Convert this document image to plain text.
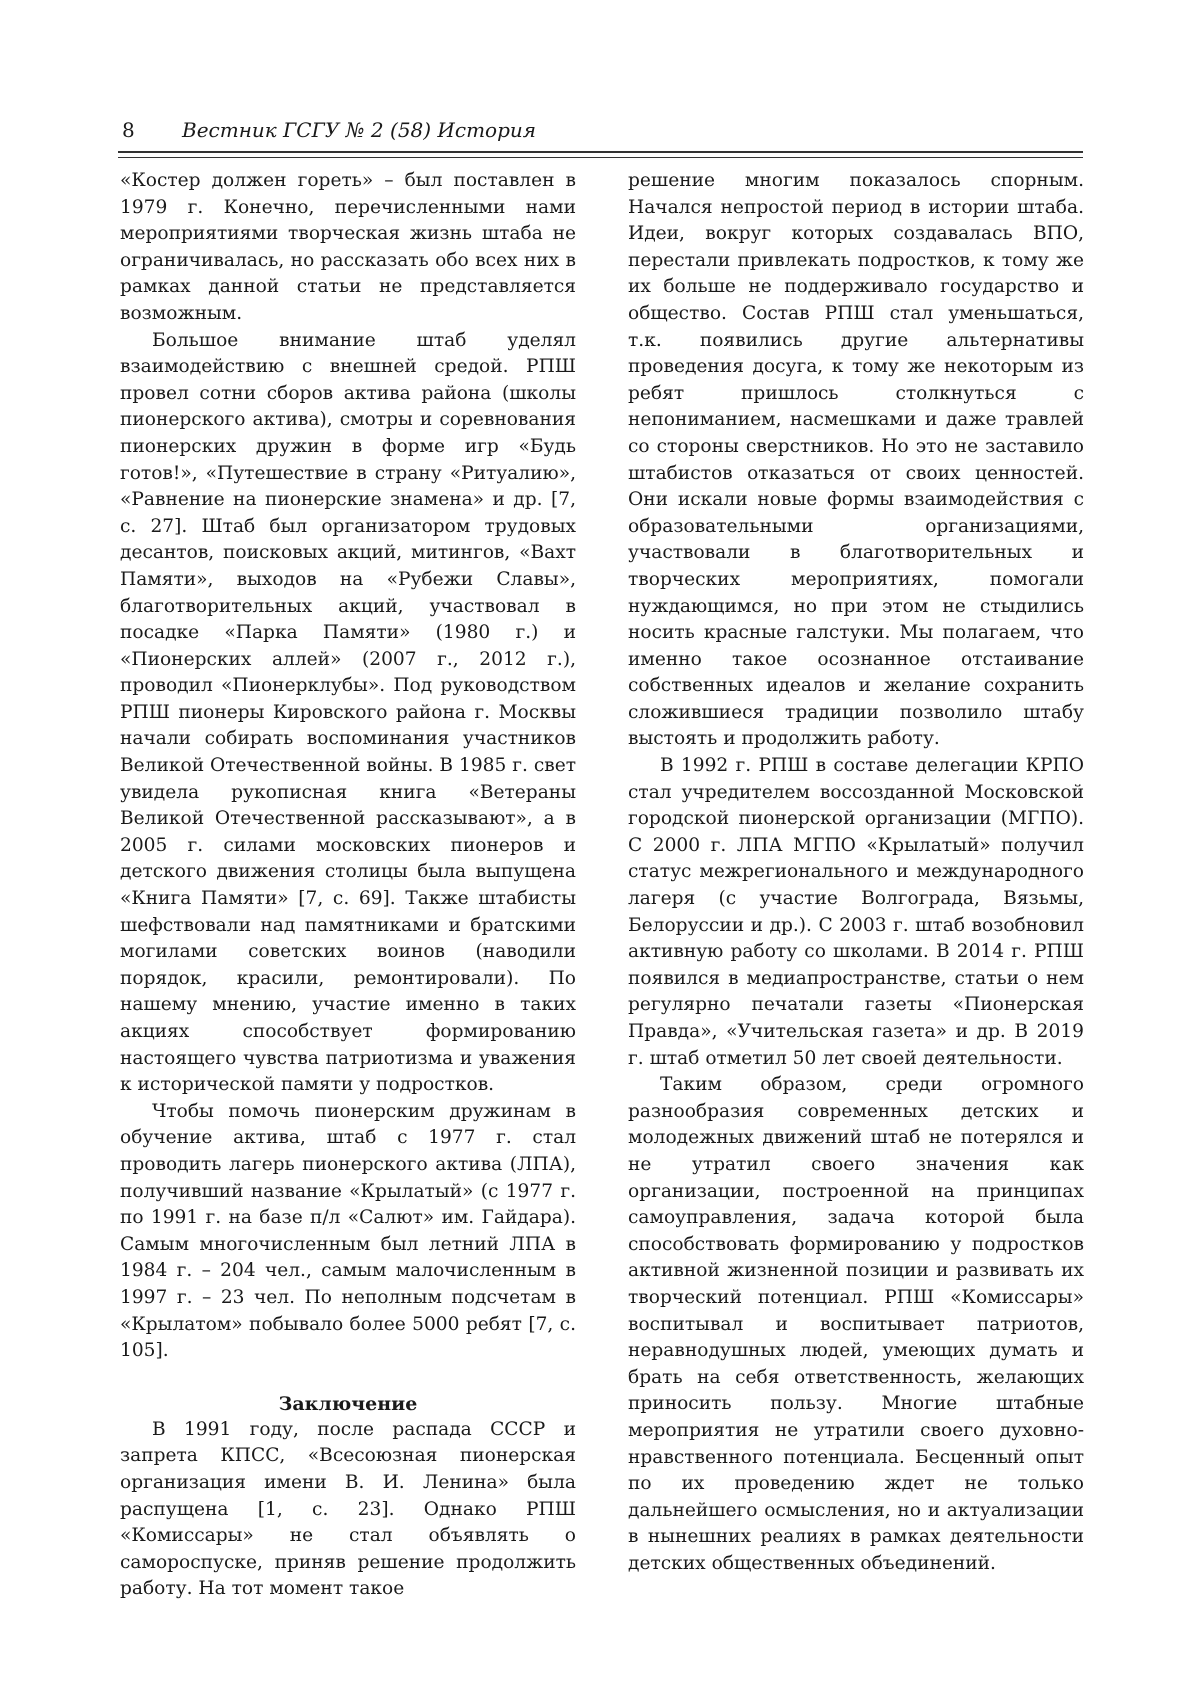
8 Вестник ГСГУ № 2 (58) История

«Костер должен гореть» – был поставлен в 1979 г. Конечно, перечисленными нами мероприятиями творческая жизнь штаба не ограничивалась, но рассказать обо всех них в рамках данной статьи не представляется возможным.

Большое внимание штаб уделял взаимодействию с внешней средой. РПШ провел сотни сборов актива района (школы пионерского актива), смотры и соревнования пионерских дружин в форме игр «Будь готов!», «Путешествие в страну «Ритуалию», «Равнение на пионерские знамена» и др. [7, с. 27]. Штаб был организатором трудовых десантов, поисковых акций, митингов, «Вахт Памяти», выходов на «Рубежи Славы», благотворительных акций, участвовал в посадке «Парка Памяти» (1980 г.) и «Пионерских аллей» (2007 г., 2012 г.), проводил «Пионерклубы». Под руководством РПШ пионеры Кировского района г. Москвы начали собирать воспоминания участников Великой Отечественной войны. В 1985 г. свет увидела рукописная книга «Ветераны Великой Отечественной рассказывают», а в 2005 г. силами московских пионеров и детского движения столицы была выпущена «Книга Памяти» [7, с. 69]. Также штабисты шефствовали над памятниками и братскими могилами советских воинов (наводили порядок, красили, ремонтировали). По нашему мнению, участие именно в таких акциях способствует формированию настоящего чувства патриотизма и уважения к исторической памяти у подростков.

Чтобы помочь пионерским дружинам в обучение актива, штаб с 1977 г. стал проводить лагерь пионерского актива (ЛПА), получивший название «Крылатый» (с 1977 г. по 1991 г. на базе п/л «Салют» им. Гайдара). Самым многочисленным был летний ЛПА в 1984 г. – 204 чел., самым малочисленным в 1997 г. – 23 чел. По неполным подсчетам в «Крылатом» побывало более 5000 ребят [7, с. 105].

Заключение

В 1991 году, после распада СССР и запрета КПСС, «Всесоюзная пионерская организация имени В. И. Ленина» была распущена [1, с. 23]. Однако РПШ «Комиссары» не стал объявлять о самороспуске, приняв решение продолжить работу. На тот момент такое

решение многим показалось спорным. Начался непростой период в истории штаба. Идеи, вокруг которых создавалась ВПО, перестали привлекать подростков, к тому же их больше не поддерживало государство и общество. Состав РПШ стал уменьшаться, т.к. появились другие альтернативы проведения досуга, к тому же некоторым из ребят пришлось столкнуться с непониманием, насмешками и даже травлей со стороны сверстников. Но это не заставило штабистов отказаться от своих ценностей. Они искали новые формы взаимодействия с образовательными организациями, участвовали в благотворительных и творческих мероприятиях, помогали нуждающимся, но при этом не стыдились носить красные галстуки. Мы полагаем, что именно такое осознанное отстаивание собственных идеалов и желание сохранить сложившиеся традиции позволило штабу выстоять и продолжить работу.

В 1992 г. РПШ в составе делегации КРПО стал учредителем воссозданной Московской городской пионерской организации (МГПО). С 2000 г. ЛПА МГПО «Крылатый» получил статус межрегионального и международного лагеря (с участие Волгограда, Вязьмы, Белоруссии и др.). С 2003 г. штаб возобновил активную работу со школами. В 2014 г. РПШ появился в медиапространстве, статьи о нем регулярно печатали газеты «Пионерская Правда», «Учительская газета» и др. В 2019 г. штаб отметил 50 лет своей деятельности.

Таким образом, среди огромного разнообразия современных детских и молодежных движений штаб не потерялся и не утратил своего значения как организации, построенной на принципах самоуправления, задача которой была способствовать формированию у подростков активной жизненной позиции и развивать их творческий потенциал. РПШ «Комиссары» воспитывал и воспитывает патриотов, неравнодушных людей, умеющих думать и брать на себя ответственность, желающих приносить пользу. Многие штабные мероприятия не утратили своего духовно-нравственного потенциала. Бесценный опыт по их проведению ждет не только дальнейшего осмысления, но и актуализации в нынешних реалиях в рамках деятельности детских общественных объединений.
